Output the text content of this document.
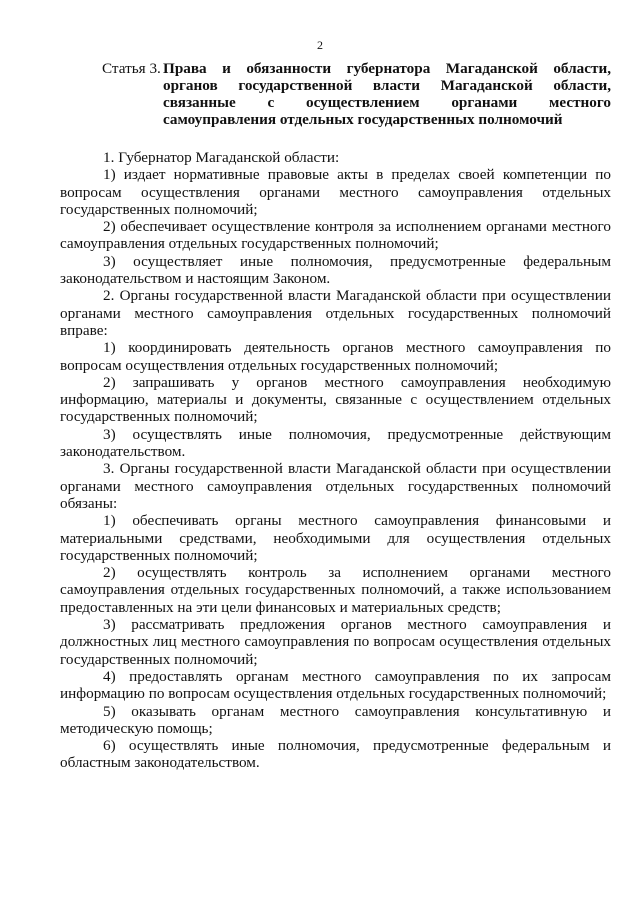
2
Статья 3. Права и обязанности губернатора Магаданской области, органов государственной власти Магаданской области, связанные с осуществлением органами местного самоуправления отдельных государственных полномочий

1. Губернатор Магаданской области:

1) издает нормативные правовые акты в пределах своей компетенции по вопросам осуществления органами местного самоуправления отдельных государственных полномочий;

2) обеспечивает осуществление контроля за исполнением органами местного самоуправления отдельных государственных полномочий;

3) осуществляет иные полномочия, предусмотренные федеральным законодательством и настоящим Законом.

2. Органы государственной власти Магаданской области при осуществлении органами местного самоуправления отдельных государственных полномочий вправе:

1) координировать деятельность органов местного самоуправления по вопросам осуществления отдельных государственных полномочий;

2) запрашивать у органов местного самоуправления необходимую информацию, материалы и документы, связанные с осуществлением отдельных государственных полномочий;

3) осуществлять иные полномочия, предусмотренные действующим законодательством.

3. Органы государственной власти Магаданской области при осуществлении органами местного самоуправления отдельных государственных полномочий обязаны:

1) обеспечивать органы местного самоуправления финансовыми и материальными средствами, необходимыми для осуществления отдельных государственных полномочий;

2) осуществлять контроль за исполнением органами местного самоуправления отдельных государственных полномочий, а также использованием предоставленных на эти цели финансовых и материальных средств;

3) рассматривать предложения органов местного самоуправления и должностных лиц местного самоуправления по вопросам осуществления отдельных государственных полномочий;

4) предоставлять органам местного самоуправления по их запросам информацию по вопросам осуществления отдельных государственных полномочий;

5) оказывать органам местного самоуправления консультативную и методическую помощь;

6) осуществлять иные полномочия, предусмотренные федеральным и областным законодательством.
